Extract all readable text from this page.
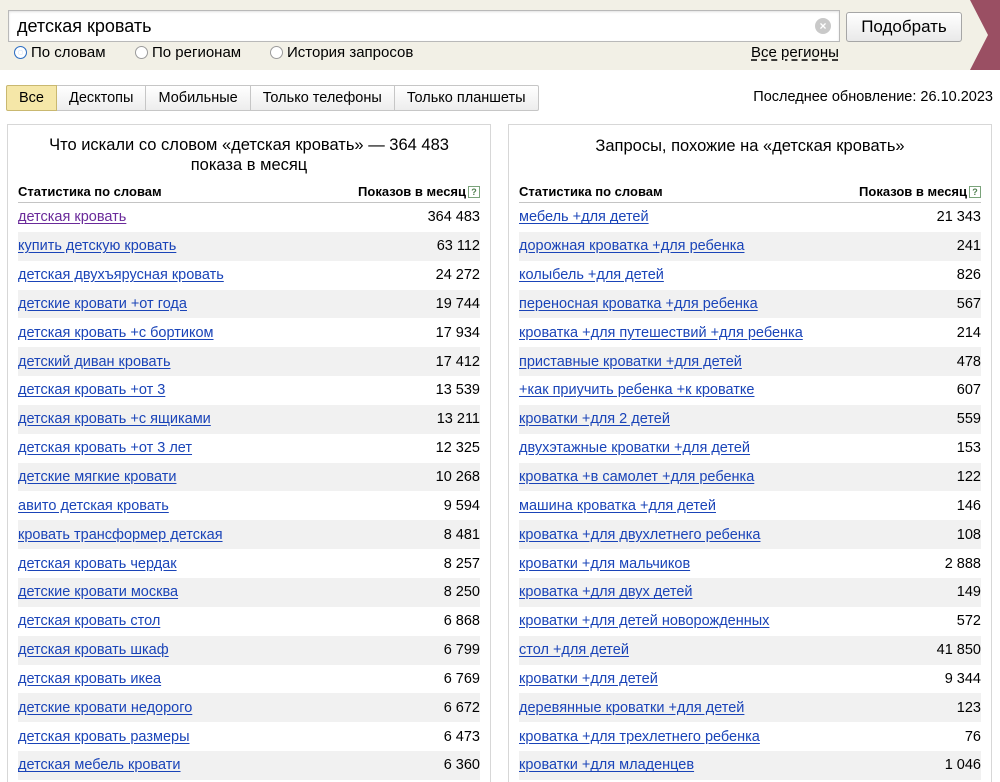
детская кровать
×	Подобрать
По словам	По регионам	История запросов	Все регионы
Все	Десктопы	Мобильные	Только телефоны	Только планшеты	Последнее обновление: 26.10.2023
Что искали со словом «детская кровать» — 364 483 показа в месяц
Статистика по словам	Показов в месяц ?
детская кровать	364 483
купить детскую кровать	63 112
детская двухъярусная кровать	24 272
детские кровати +от года	19 744
детская кровать +с бортиком	17 934
детский диван кровать	17 412
детская кровать +от 3	13 539
детская кровать +с ящиками	13 211
детская кровать +от 3 лет	12 325
детские мягкие кровати	10 268
авито детская кровать	9 594
кровать трансформер детская	8 481
детская кровать чердак	8 257
детские кровати москва	8 250
детская кровать стол	6 868
детская кровать шкаф	6 799
детская кровать икеа	6 769
детские кровати недорого	6 672
детская кровать размеры	6 473
детская мебель кровати	6 360
Запросы, похожие на «детская кровать»
Статистика по словам	Показов в месяц ?
мебель +для детей	21 343
дорожная кроватка +для ребенка	241
колыбель +для детей	826
переносная кроватка +для ребенка	567
кроватка +для путешествий +для ребенка	214
приставные кроватки +для детей	478
+как приучить ребенка +к кроватке	607
кроватки +для 2 детей	559
двухэтажные кроватки +для детей	153
кроватка +в самолет +для ребенка	122
машина кроватка +для детей	146
кроватка +для двухлетнего ребенка	108
кроватки +для мальчиков	2 888
кроватка +для двух детей	149
кроватки +для детей новорожденных	572
стол +для детей	41 850
кроватки +для детей	9 344
деревянные кроватки +для детей	123
кроватка +для трехлетнего ребенка	76
кроватки +для младенцев	1 046
